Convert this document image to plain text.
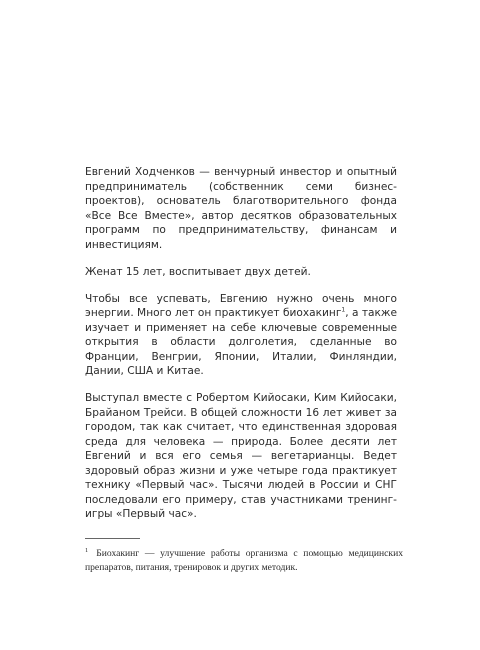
Евгений Ходченков — венчурный инвестор и опытный предприниматель (собственник семи бизнес-проектов), основатель благотворительного фонда «Все Все Вместе», автор десятков образовательных программ по предпринимательству, финансам и инвестициям.

Женат 15 лет, воспитывает двух детей.

Чтобы все успевать, Евгению нужно очень много энергии. Много лет он практикует биохакинг$^1$, а также изучает и применяет на себе ключевые современные открытия в области долголетия, сделанные во Франции, Венгрии, Японии, Италии, Финляндии, Дании, США и Китае.

Выступал вместе с Робертом Кийосаки, Ким Кийосаки, Брайаном Трейси. В общей сложности 16 лет живет за городом, так как считает, что единственная здоровая среда для человека — природа. Более десяти лет Евгений и вся его семья — вегетарианцы. Ведет здоровый образ жизни и уже четыре года практикует технику «Первый час». Тысячи людей в России и СНГ последовали его примеру, став участниками тренинг-игры «Первый час».

$^1$ Биохакинг — улучшение работы организма с помощью медицинских препаратов, питания, тренировок и других методик.
